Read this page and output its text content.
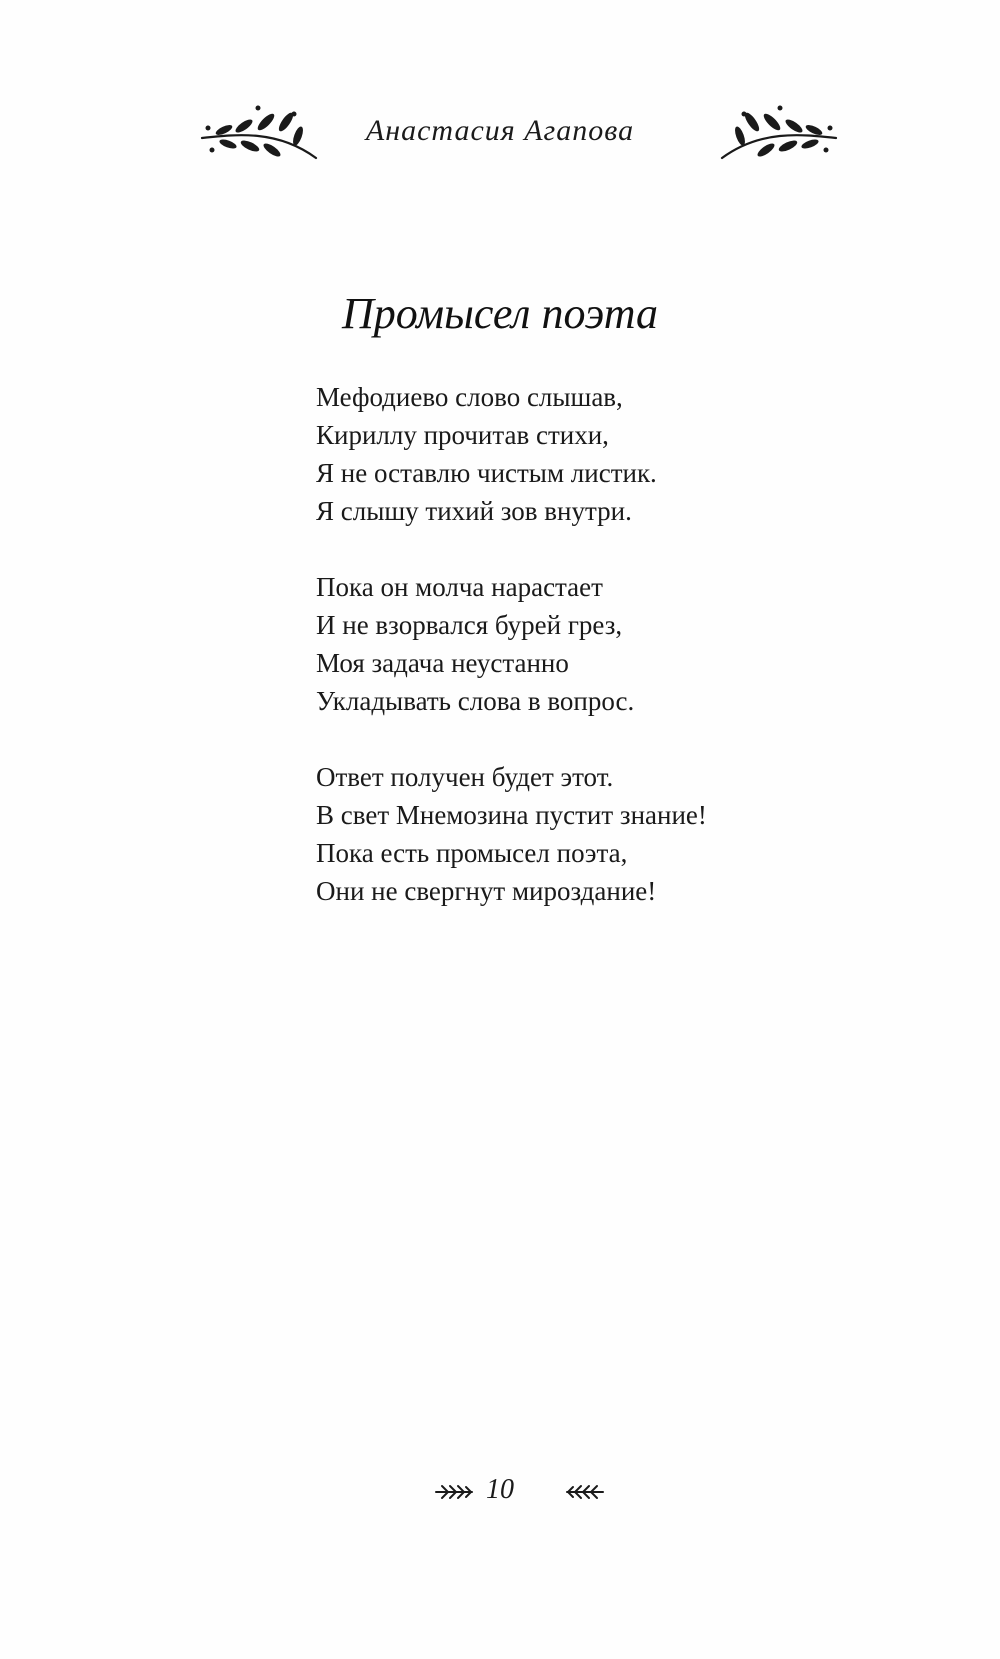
Анастасия Агапова
Промысел поэта
Мефодиево слово слышав,
Кириллу прочитав стихи,
Я не оставлю чистым листик.
Я слышу тихий зов внутри.
Пока он молча нарастает
И не взорвался бурей грез,
Моя задача неустанно
Укладывать слова в вопрос.
Ответ получен будет этот.
В свет Мнемозина пустит знание!
Пока есть промысел поэта,
Они не свергнут мироздание!
10
